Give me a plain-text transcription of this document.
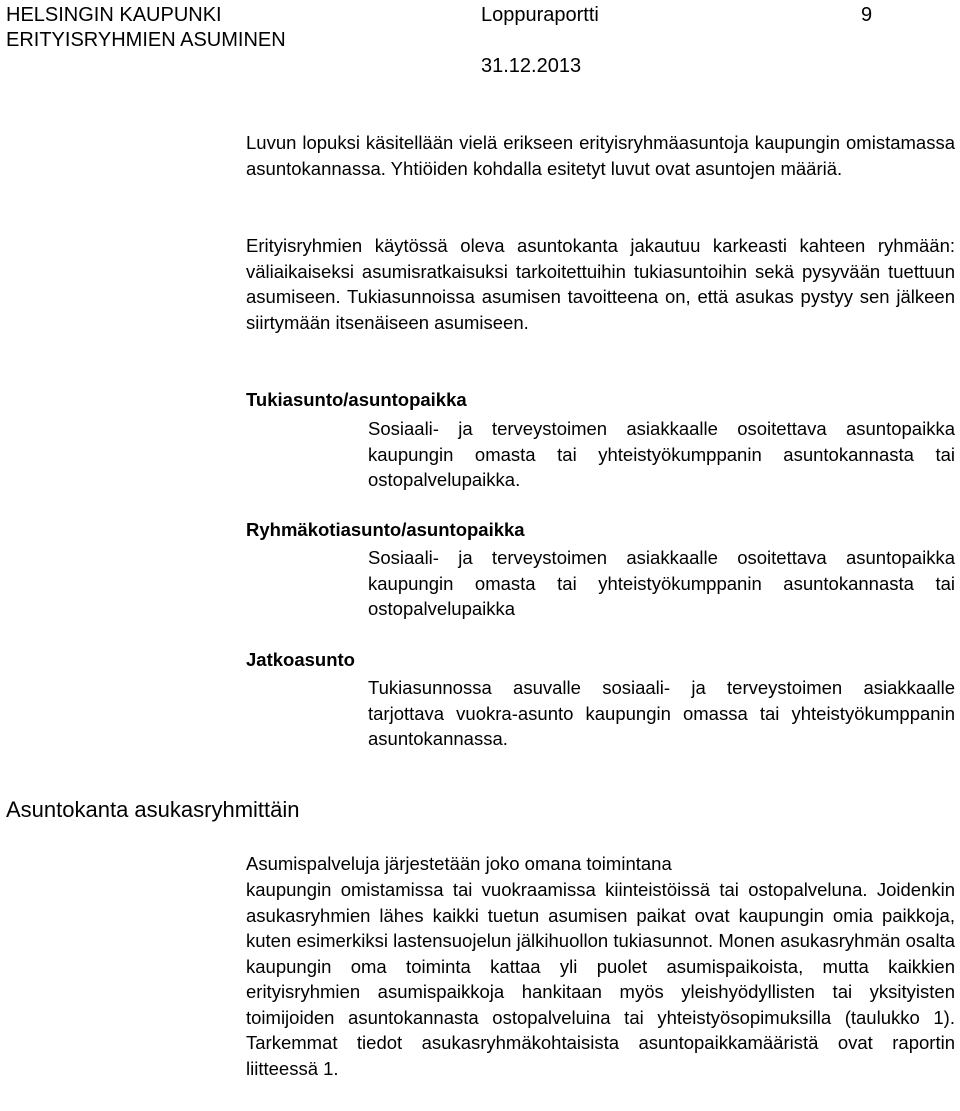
HELSINGIN KAUPUNKI
ERITYISRYHMIEN ASUMINEN
Loppuraportti	9
31.12.2013
Luvun lopuksi käsitellään vielä erikseen erityisryhmäasuntoja kaupungin omistamassa asuntokannassa. Yhtiöiden kohdalla esitetyt luvut ovat asuntojen määriä.
Erityisryhmien käytössä oleva asuntokanta jakautuu karkeasti kahteen ryhmään: väliaikaiseksi asumisratkaisuksi tarkoitettuihin tukiasuntoihin sekä pysyvään tuettuun asumiseen. Tukiasunnoissa asumisen tavoitteena on, että asukas pystyy sen jälkeen siirtymään itsenäiseen asumiseen.
Tukiasunto/asuntopaikka
Sosiaali- ja terveystoimen asiakkaalle osoitettava asuntopaikka kaupungin omasta tai yhteistyökumppanin asuntokannasta tai ostopalvelupaikka.
Ryhmäkotiasunto/asuntopaikka
Sosiaali- ja terveystoimen asiakkaalle osoitettava asuntopaikka kaupungin omasta tai yhteistyökumppanin asuntokannasta tai ostopalvelupaikka
Jatkoasunto
Tukiasunnossa asuvalle sosiaali- ja terveystoimen asiakkaalle tarjottava vuokra-asunto kaupungin omassa tai yhteistyökumppanin asuntokannassa.
Asuntokanta asukasryhmittäin
Asumispalveluja järjestetään joko omana toimintana
kaupungin omistamissa tai vuokraamissa kiinteistöissä tai ostopalveluna. Joidenkin asukasryhmien lähes kaikki tuetun asumisen paikat ovat kaupungin omia paikkoja, kuten esimerkiksi lastensuojelun jälkihuollon tukiasunnot. Monen asukasryhmän osalta kaupungin oma toiminta kattaa yli puolet asumispaikoista, mutta kaikkien erityisryhmien asumispaikkoja hankitaan myös yleishyödyllisten tai yksityisten toimijoiden asuntokannasta ostopalveluina tai yhteistyösopimuksilla (taulukko 1). Tarkemmat tiedot asukasryhmäkohtaisista asuntopaikkamääristä ovat raportin liitteessä 1.
